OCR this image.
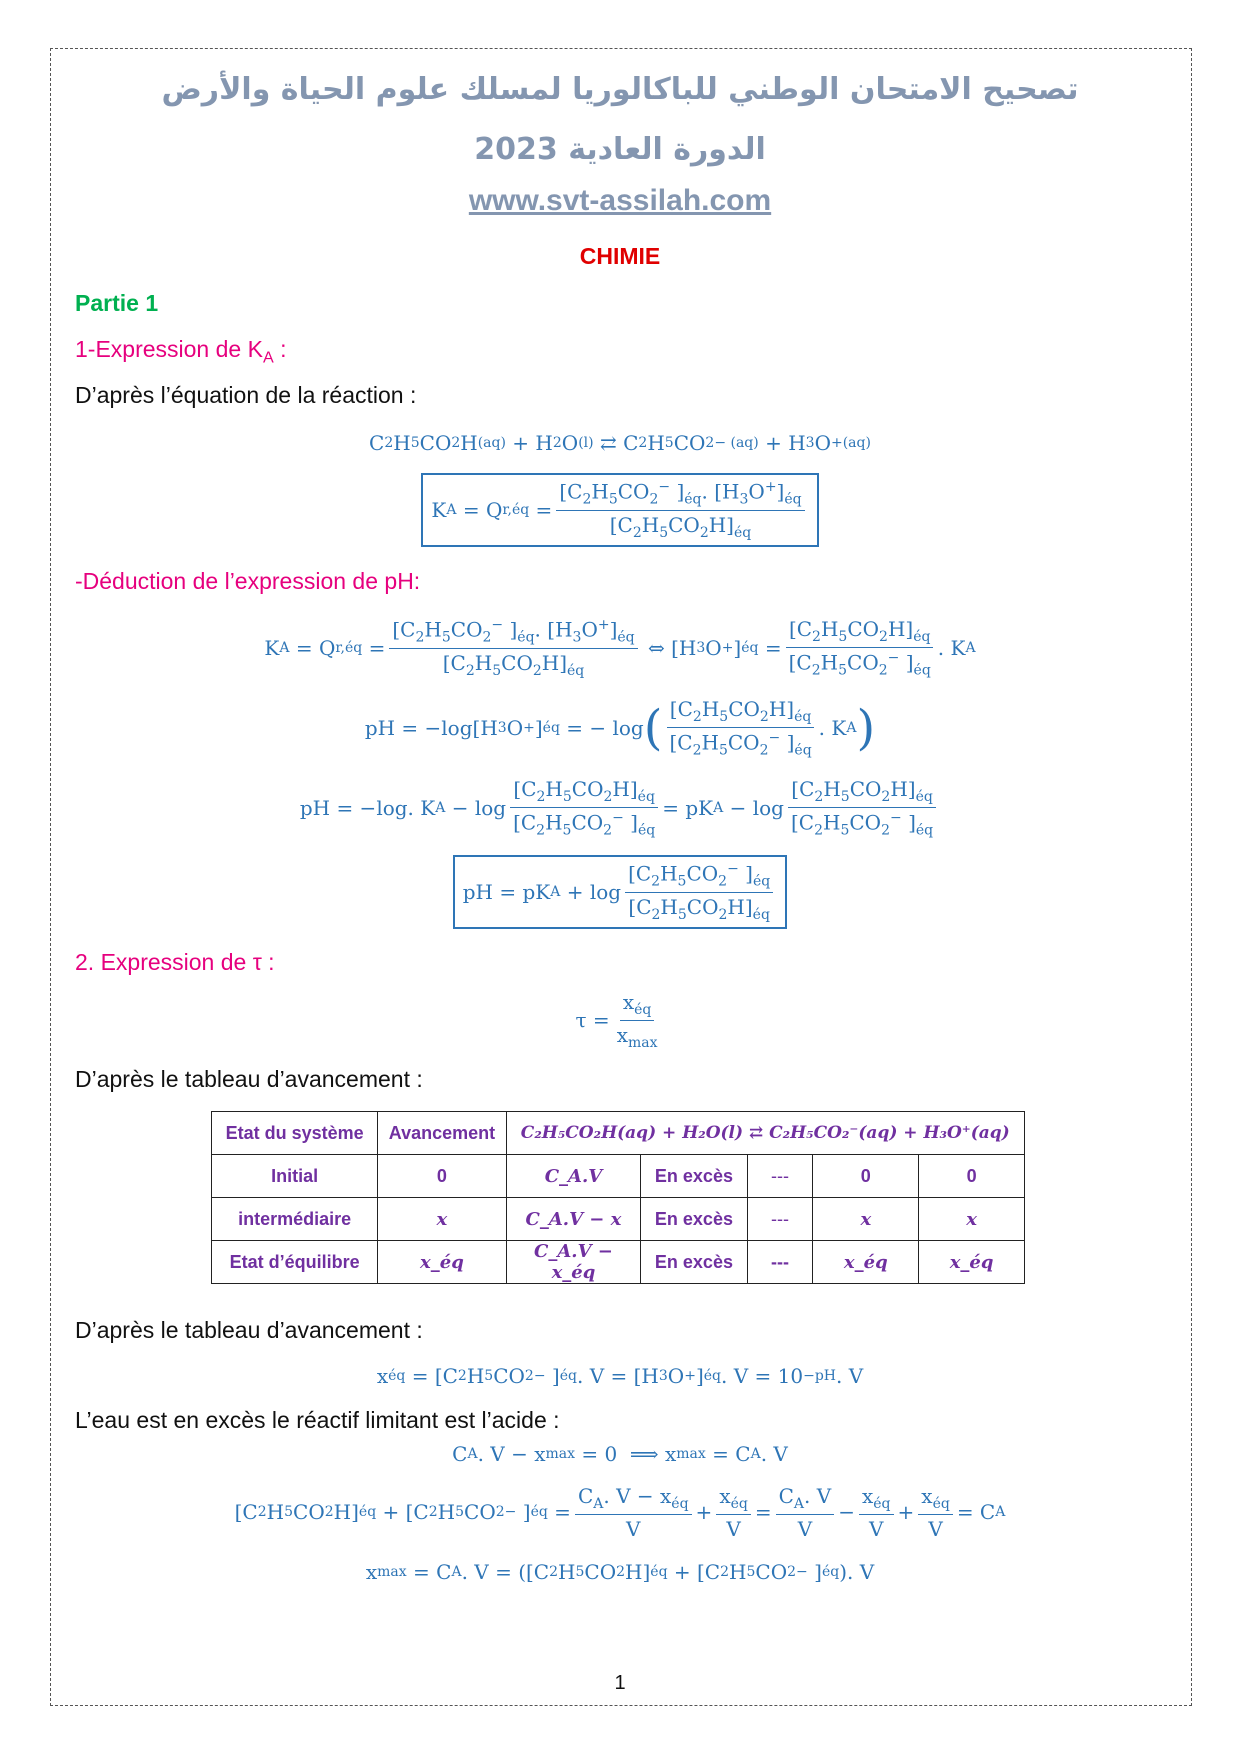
تصحيح الامتحان الوطني للباكالوريا لمسلك علوم الحياة والأرض
الدورة العادية 2023
www.svt-assilah.com
CHIMIE
Partie 1
1-Expression de $K_A$ :
D’après l’équation de la réaction :
C 2 H 5 CO 2 H (aq) + H 2 O (l) ⇄ C 2 H 5 CO 2 − (aq) + H 3 O + (aq)
K A = Q r,éq = $\frac{[C_2H_5CO_2^- ]_{éq}. [H_3O^+]_{éq}}{[C_2H_5CO_2H]_{éq}}$
-Déduction de l’expression de pH:
K A = Q r,éq = $\frac{[C_2H_5CO_2^- ]_{éq}. [H_3O^+]_{éq}}{[C_2H_5CO_2H]_{éq}}$ ⇔ [H 3 O + ] éq = $\frac{[C_2H_5CO_2H]_{éq}}{[C_2H_5CO_2^- ]_{éq}}$ . K A
pH = −log[H 3 O + ] éq = − log ( $\frac{[C_2H_5CO_2H]_{éq}}{[C_2H_5CO_2^- ]_{éq}}$ . K A )
pH = −log. K $A - \log \frac{[C_2H_5CO_2H]_{éq}}{[C_2H_5CO_2^- ]_{éq}}$ = pK $A - \log \frac{[C_2H_5CO_2H]_{éq}}{[C_2H_5CO_2^- ]_{éq}}$
pH = pK $A + \log \frac{[C_2H_5CO_2^- ]_{éq}}{[C_2H_5CO_2H]_{éq}}$
2. Expression de τ :
$\tau = \frac{x_{éq}}{x_{max}}$
D’après le tableau d’avancement :
Etat du système	Avancement	C₂H₅CO₂H(aq) + H₂O(l) ⇄ C₂H₅CO₂⁻(aq) + H₃O⁺(aq)				
Initial	0	C_A.V	En excès	---	0	0
intermédiaire	x	C_A.V − x	En excès	---	x	x
Etat d’équilibre	x_éq	C_A.V − x_éq	En excès	---	x_éq	x_éq
D’après le tableau d’avancement :
x éq = [C 2 H 5 CO 2 − ] éq . V = [H 3 O + ] éq . V = 10 −pH . V
L’eau est en excès le réactif limitant est l’acide :
C A . V − x max = 0  ⟹ x max = C A . V
[C 2 H 5 CO 2 H] éq + [C 2 H 5 CO 2 − ] éq = $\frac{C_A. V - x_{éq}}{V} + \frac{x_{éq}}{V} = \frac{C_A. V}{V} - \frac{x_{éq}}{V} + \frac{x_{éq}}{V} = C$ A
x max = C A . V = ([C 2 H 5 CO 2 H] éq + [C 2 H 5 CO 2 − ] éq ). V
1
